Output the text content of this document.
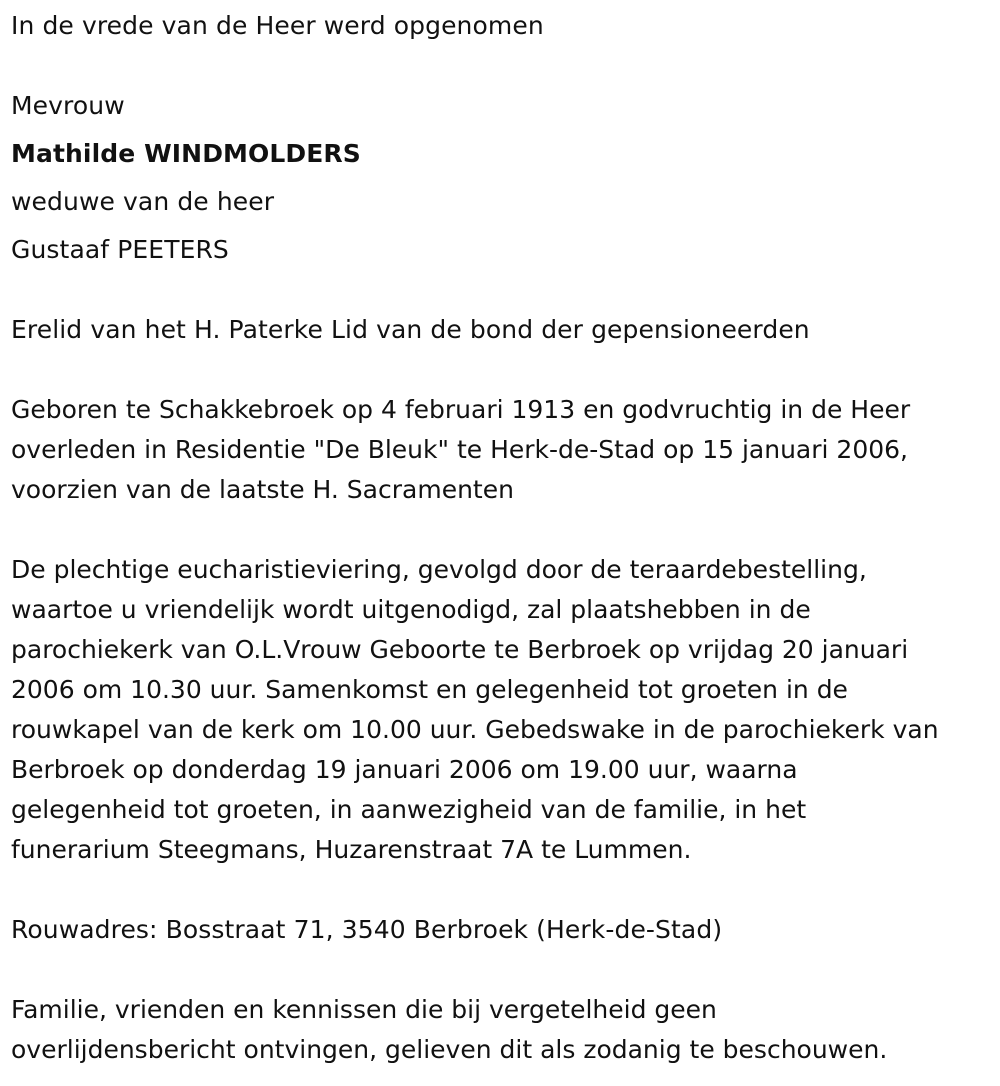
In de vrede van de Heer werd opgenomen
Mevrouw
Mathilde WINDMOLDERS
weduwe van de heer
Gustaaf PEETERS
Erelid van het H. Paterke Lid van de bond der gepensioneerden
Geboren te Schakkebroek op 4 februari 1913 en godvruchtig in de Heer
overleden in Residentie "De Bleuk" te Herk-de-Stad op 15 januari 2006,
voorzien van de laatste H. Sacramenten
De plechtige eucharistieviering, gevolgd door de teraardebestelling,
waartoe u vriendelijk wordt uitgenodigd, zal plaatshebben in de
parochiekerk van O.L.Vrouw Geboorte te Berbroek op vrijdag 20 januari
2006 om 10.30 uur. Samenkomst en gelegenheid tot groeten in de
rouwkapel van de kerk om 10.00 uur. Gebedswake in de parochiekerk van
Berbroek op donderdag 19 januari 2006 om 19.00 uur, waarna
gelegenheid tot groeten, in aanwezigheid van de familie, in het
funerarium Steegmans, Huzarenstraat 7A te Lummen.
Rouwadres: Bosstraat 71, 3540 Berbroek (Herk-de-Stad)
Familie, vrienden en kennissen die bij vergetelheid geen
overlijdensbericht ontvingen, gelieven dit als zodanig te beschouwen.
